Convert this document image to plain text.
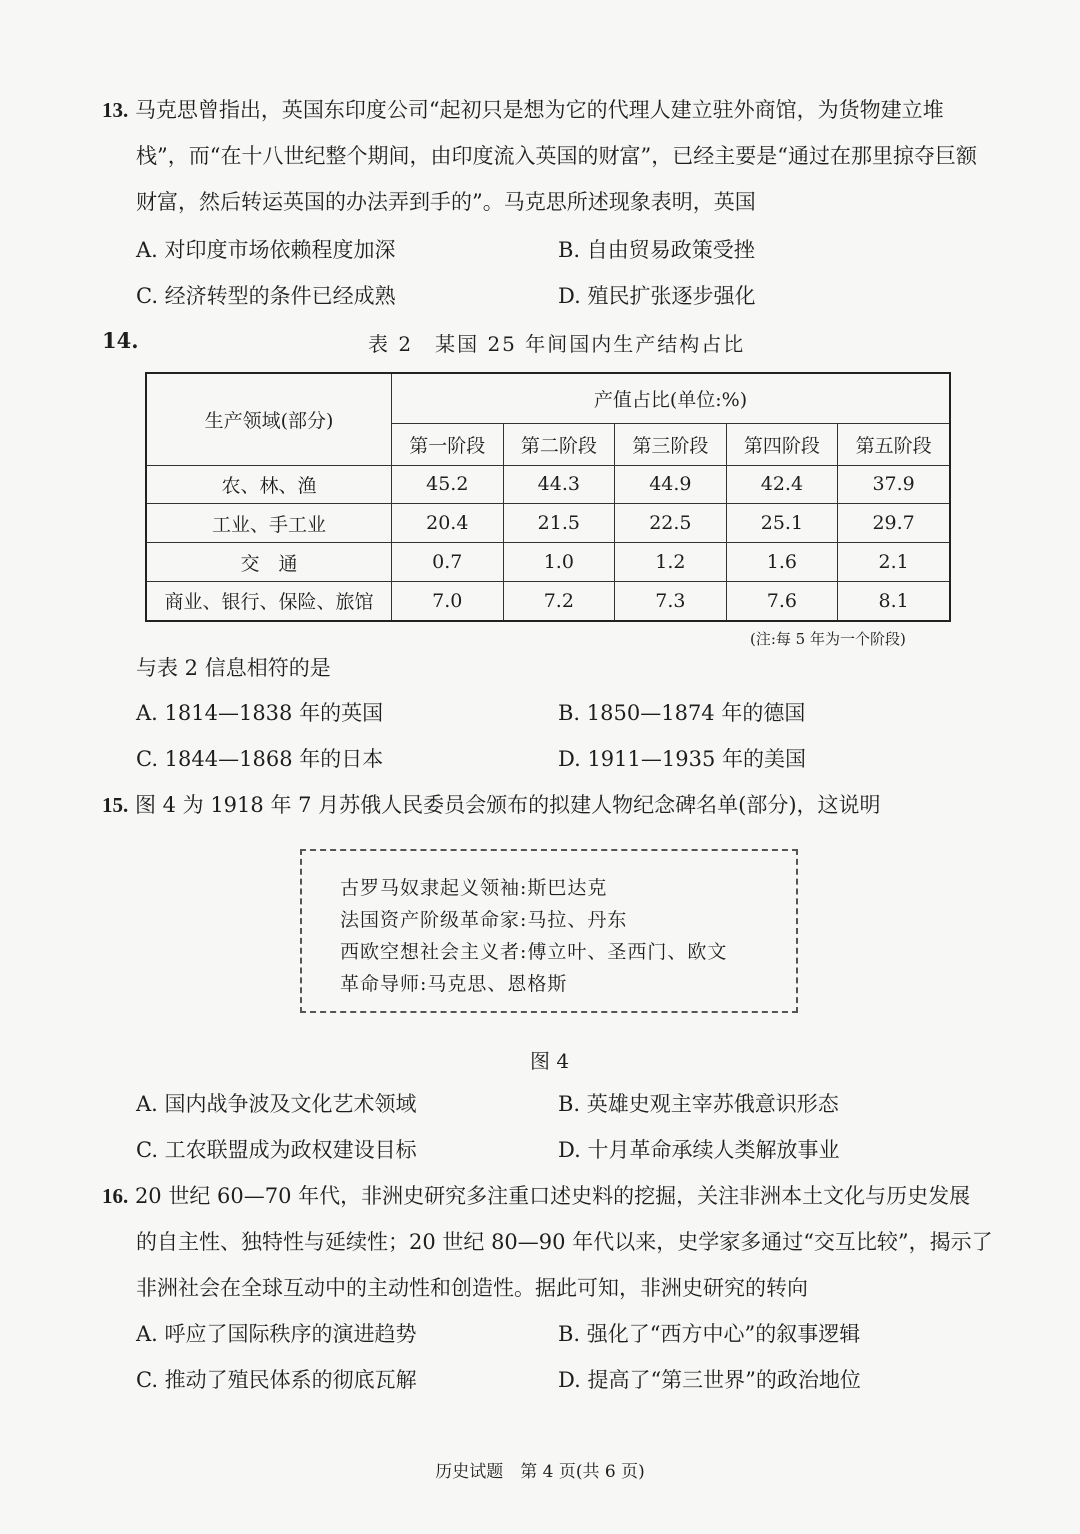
13. 马克思曾指出，英国东印度公司“起初只是想为它的代理人建立驻外商馆，为货物建立堆
栈”，而“在十八世纪整个期间，由印度流入英国的财富”，已经主要是“通过在那里掠夺巨额
财富，然后转运英国的办法弄到手的”。马克思所述现象表明，英国
A. 对印度市场依赖程度加深	B. 自由贸易政策受挫
C. 经济转型的条件已经成熟	D. 殖民扩张逐步强化
14.	表 2　某国 25 年间国内生产结构占比
生产领域(部分)	产值占比(单位:%)				
	第一阶段	第二阶段	第三阶段	第四阶段	第五阶段
农、林、渔	45.2	44.3	44.9	42.4	37.9
工业、手工业	20.4	21.5	22.5	25.1	29.7
交　通	0.7	1.0	1.2	1.6	2.1
商业、银行、保险、旅馆	7.0	7.2	7.3	7.6	8.1
(注:每 5 年为一个阶段)
与表 2 信息相符的是
A. 1814—1838 年的英国	B. 1850—1874 年的德国
C. 1844—1868 年的日本	D. 1911—1935 年的美国
15. 图 4 为 1918 年 7 月苏俄人民委员会颁布的拟建人物纪念碑名单(部分)，这说明
古罗马奴隶起义领袖:斯巴达克
法国资产阶级革命家:马拉、丹东
西欧空想社会主义者:傅立叶、圣西门、欧文
革命导师:马克思、恩格斯
图 4
A. 国内战争波及文化艺术领域	B. 英雄史观主宰苏俄意识形态
C. 工农联盟成为政权建设目标	D. 十月革命承续人类解放事业
16. 20 世纪 60—70 年代，非洲史研究多注重口述史料的挖掘，关注非洲本土文化与历史发展
的自主性、独特性与延续性；20 世纪 80—90 年代以来，史学家多通过“交互比较”，揭示了
非洲社会在全球互动中的主动性和创造性。据此可知，非洲史研究的转向
A. 呼应了国际秩序的演进趋势	B. 强化了“西方中心”的叙事逻辑
C. 推动了殖民体系的彻底瓦解	D. 提高了“第三世界”的政治地位
历史试题　第 4 页(共 6 页)
